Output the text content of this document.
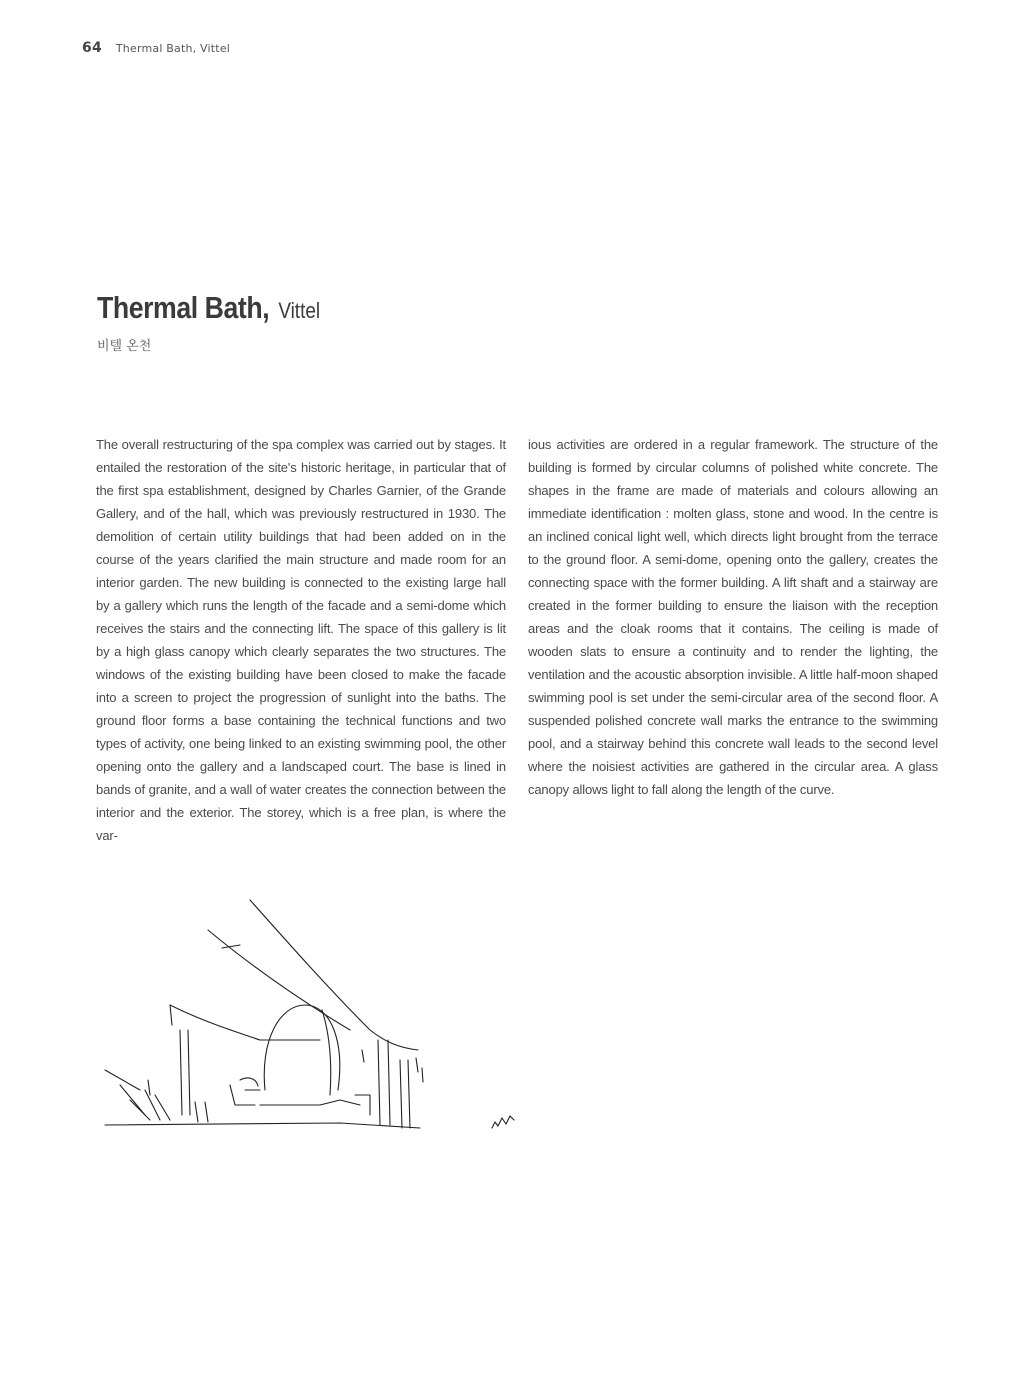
64 Thermal Bath, Vittel
Thermal Bath, Vittel
비텔 온천
The overall restructuring of the spa complex was carried out by stages. It entailed the restoration of the site's historic heritage, in particular that of the first spa establishment, designed by Charles Garnier, of the Grande Gallery, and of the hall, which was previously restructured in 1930. The demolition of certain utility buildings that had been added on in the course of the years clarified the main structure and made room for an interior garden. The new building is connected to the existing large hall by a gallery which runs the length of the facade and a semi-dome which receives the stairs and the connecting lift. The space of this gallery is lit by a high glass canopy which clearly separates the two structures. The windows of the existing building have been closed to make the facade into a screen to project the progression of sunlight into the baths. The ground floor forms a base containing the technical functions and two types of activity, one being linked to an existing swimming pool, the other opening onto the gallery and a landscaped court. The base is lined in bands of granite, and a wall of water creates the connection between the interior and the exterior. The storey, which is a free plan, is where the var-
ious activities are ordered in a regular framework. The structure of the building is formed by circular columns of polished white concrete. The shapes in the frame are made of materials and colours allowing an immediate identification : molten glass, stone and wood. In the centre is an inclined conical light well, which directs light brought from the terrace to the ground floor. A semi-dome, opening onto the gallery, creates the connecting space with the former building. A lift shaft and a stairway are created in the former building to ensure the liaison with the reception areas and the cloak rooms that it contains. The ceiling is made of wooden slats to ensure a continuity and to render the lighting, the ventilation and the acoustic absorption invisible. A little half-moon shaped swimming pool is set under the semi-circular area of the second floor. A suspended polished concrete wall marks the entrance to the swimming pool, and a stairway behind this concrete wall leads to the second level where the noisiest activities are gathered in the circular area. A glass canopy allows light to fall along the length of the curve.
